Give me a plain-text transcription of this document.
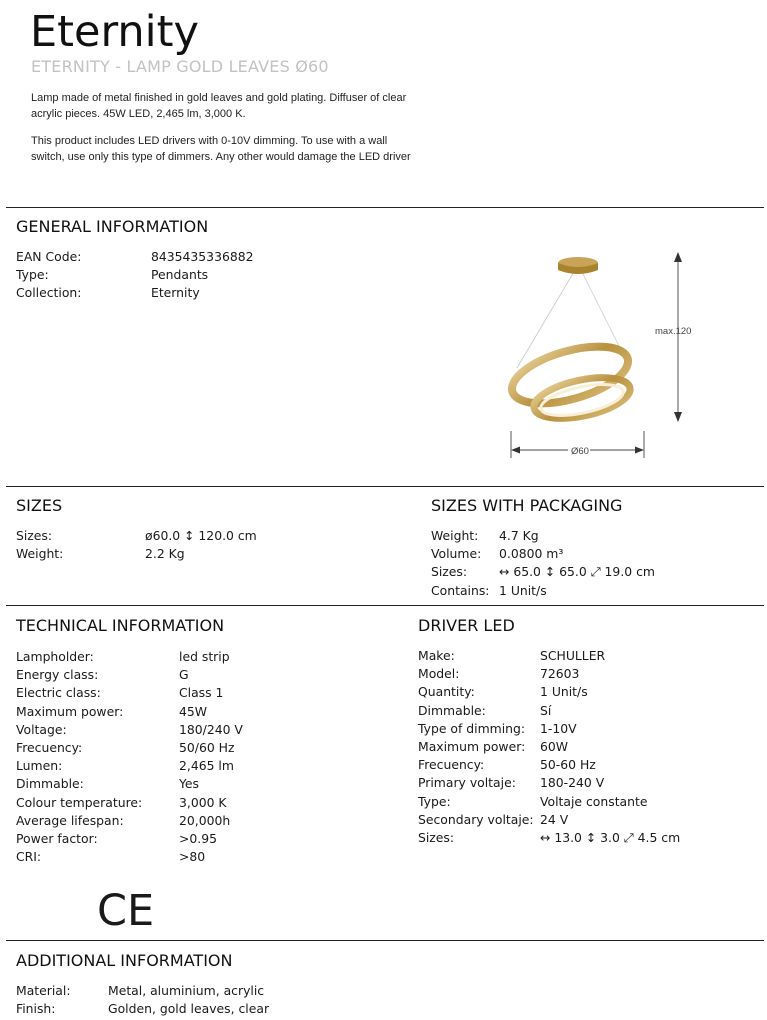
Eternity
ETERNITY - LAMP GOLD LEAVES Ø60
Lamp made of metal finished in gold leaves and gold plating. Diffuser of clear acrylic pieces. 45W LED, 2,465 lm, 3,000 K.
This product includes LED drivers with 0-10V dimming. To use with a wall switch, use only this type of dimmers. Any other would damage the LED driver
GENERAL INFORMATION
EAN Code:	8435435336882
Type:	Pendants
Collection:	Eternity
max.120
Ø60
SIZES
Sizes:	ø60.0 ↕ 120.0 cm
Weight:	2.2 Kg
SIZES WITH PACKAGING
Weight: 4.7 Kg
Volume: 0.0800 m³
Sizes:	↔ 65.0 ↕ 65.0 ⤢ 19.0 cm
Contains: 1 Unit/s
TECHNICAL INFORMATION
Lampholder:	led strip
Energy class:	G
Electric class:	Class 1
Maximum power:	45W
Voltage:	180/240 V
Frecuency:	50/60 Hz
Lumen:	2,465 lm
Dimmable:	Yes
Colour temperature:	3,000 K
Average lifespan:	20,000h
Power factor:	>0.95
CRI:	>80
DRIVER LED
Make:	SCHULLER
Model:	72603
Quantity:	1 Unit/s
Dimmable:	Sí
Type of dimming: 1-10V
Maximum power: 60W
Frecuency:	50-60 Hz
Primary voltaje: 180-240 V
Type:	Voltaje constante
Secondary voltaje: 24 V
Sizes:	↔ 13.0 ↕ 3.0 ⤢ 4.5 cm
CE
ADDITIONAL INFORMATION
Material:	Metal, aluminium, acrylic
Finish:	Golden, gold leaves, clear
